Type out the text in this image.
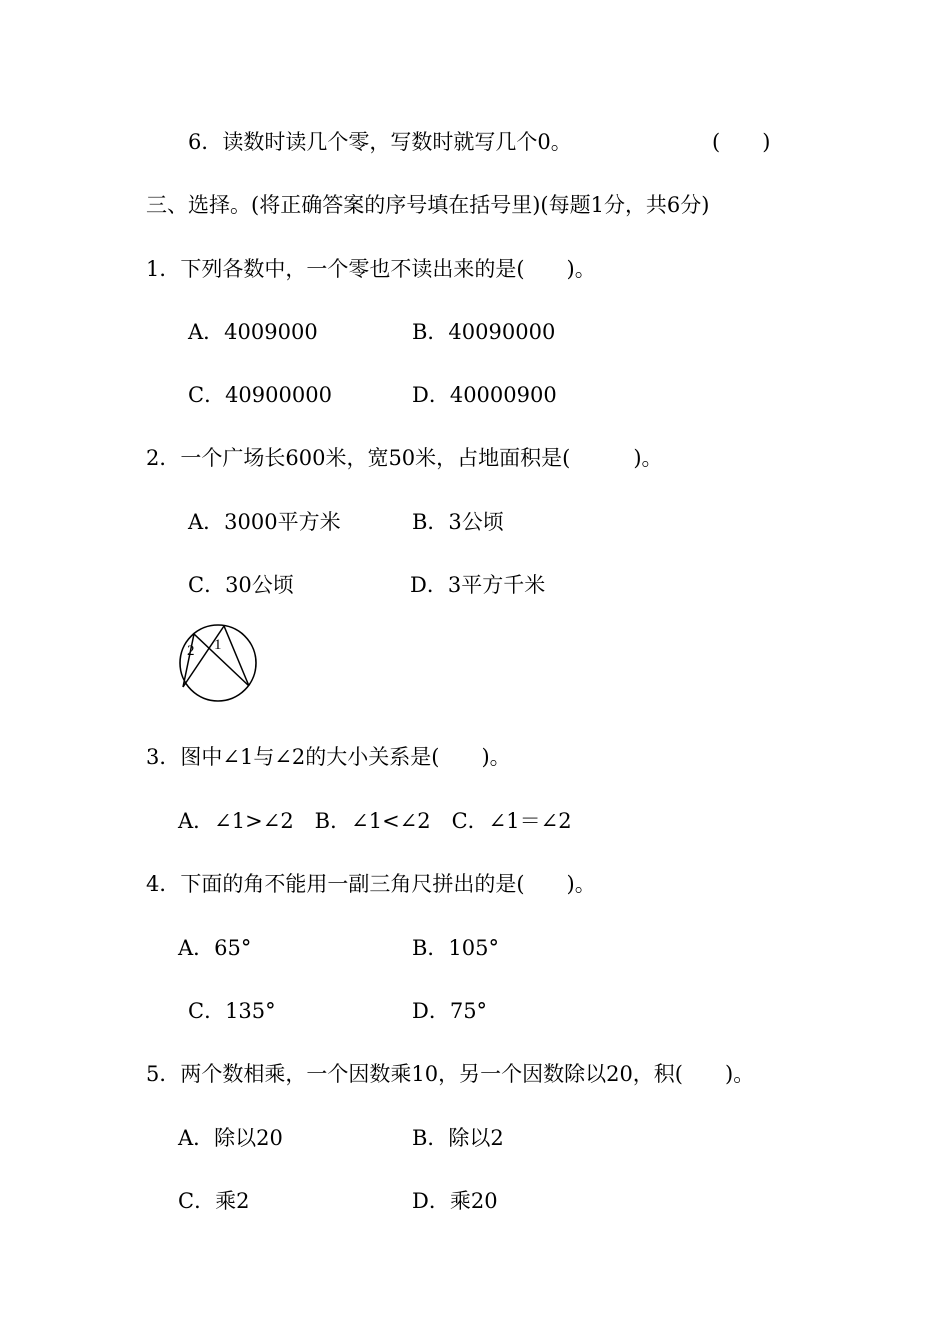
6．读数时读几个零，写数时就写几个0。	(　　)
三、选择。(将正确答案的序号填在括号里)(每题1分，共6分)
1．下列各数中，一个零也不读出来的是(　　)。
A．4009000	B．40090000
C．40900000	D．40000900
2．一个广场长600米，宽50米，占地面积是(　　　)。
A．3000平方米	B．3公顷
C．30公顷	D．3平方千米
1
2
3．图中∠1与∠2的大小关系是(　　)。
A．∠1>∠2　B．∠1<∠2　C．∠1＝∠2
4．下面的角不能用一副三角尺拼出的是(　　)。
A．65°	B．105°
C．135°	D．75°
5．两个数相乘，一个因数乘10，另一个因数除以20，积(　　)。
A．除以20	B．除以2
C．乘2	D．乘20
